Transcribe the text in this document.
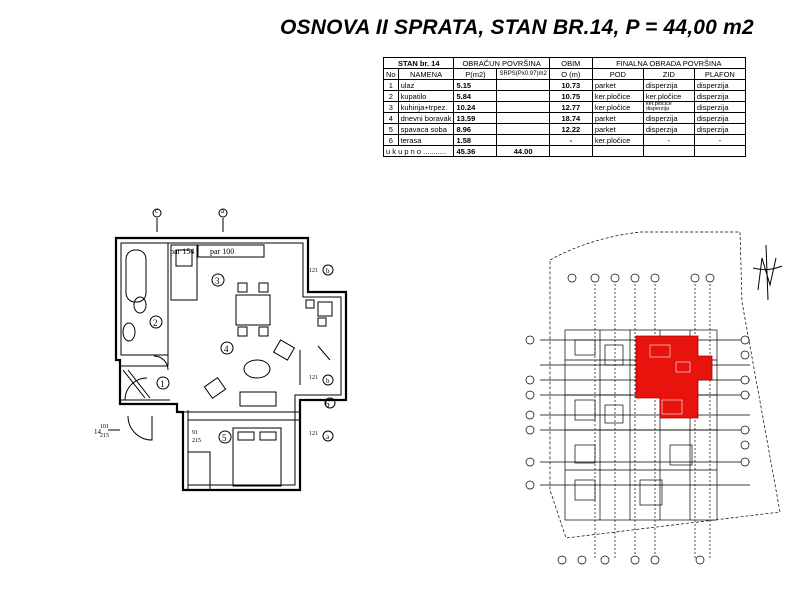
OSNOVA II SPRATA, STAN BR.14, P = 44,00 m2
STAN br. 14		OBRAČUN POVRŠINA		OBIM	FINALNA OBRADA POVRŠINA		
No	NAMENA	P(m2)	SRPS(Px0.97)m2	O (m)	POD	ZID	PLAFON
1	ulaz	5.15		10.73	parket	disperzija	disperzija
2	kupatilo	5.84		10.75	ker.pločice	ker.pločice	disperzija
3	kuhinja+trpez.	10.24		12.77	ker.pločice	ker.pločice disperzija	disperzija
4	dnevni boravak	13.59		18.74	parket	disperzija	disperzija
5	spavaca soba	8.96		12.22	parket	disperzija	disperzija
6	terasa	1.58		-	ker.pločice	-	-
u k u p n o ...........		45.36	44.00				
3
2
4
1
5
6
par 154 par 100
c	a
b
b
a
14
121
121
121
101
215	91
215
